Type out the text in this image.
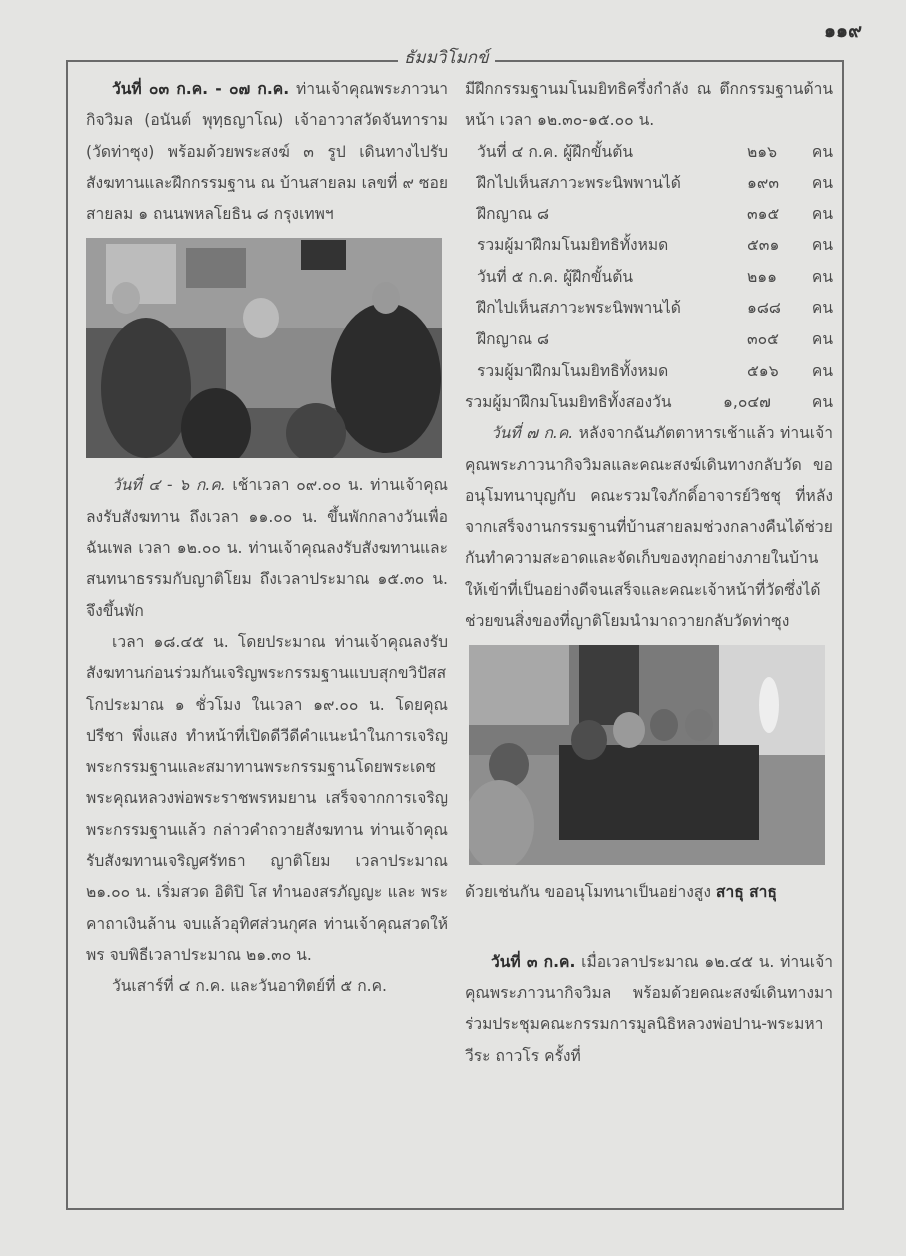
๑๑๙
ธัมมวิโมกข์

วันที่ ๐๓ ก.ค. - ๐๗ ก.ค. ท่านเจ้าคุณพระภาวนากิจวิมล (อนันต์ พุทฺธญาโณ) เจ้าอาวาสวัดจันทาราม (วัดท่าซุง) พร้อมด้วยพระสงฆ์ ๓ รูป เดินทางไปรับสังฆทานและฝึกกรรมฐาน ณ บ้านสายลม เลขที่ ๙ ซอยสายลม ๑ ถนนพหลโยธิน ๘ กรุงเทพฯ

วันที่ ๔ - ๖ ก.ค. เช้าเวลา ๐๙.๐๐ น. ท่านเจ้าคุณลงรับสังฆทาน ถึงเวลา ๑๑.๐๐ น. ขึ้นพักกลางวันเพื่อฉันเพล เวลา ๑๒.๐๐ น. ท่านเจ้าคุณลงรับสังฆทานและสนทนาธรรมกับญาติโยม ถึงเวลาประมาณ ๑๕.๓๐ น. จึงขึ้นพัก

เวลา ๑๘.๔๕ น. โดยประมาณ ท่านเจ้าคุณลงรับสังฆทานก่อนร่วมกันเจริญพระกรรมฐานแบบสุกขวิปัสสโกประมาณ ๑ ชั่วโมง ในเวลา ๑๙.๐๐ น. โดยคุณปรีชา พึ่งแสง ทำหน้าที่เปิดดีวีดีคำแนะนำในการเจริญพระกรรมฐานและสมาทานพระกรรมฐานโดยพระเดชพระคุณหลวงพ่อพระราชพรหมยาน เสร็จจากการเจริญพระกรรมฐานแล้ว กล่าวคำถวายสังฆทาน ท่านเจ้าคุณรับสังฆทานเจริญศรัทธา ญาติโยม เวลาประมาณ ๒๑.๐๐ น. เริ่มสวด อิติปิ โส ทำนองสรภัญญะ และ พระคาถาเงินล้าน จบแล้วอุทิศส่วนกุศล ท่านเจ้าคุณสวดให้พร จบพิธีเวลาประมาณ ๒๑.๓๐ น.

วันเสาร์ที่ ๔ ก.ค. และวันอาทิตย์ที่ ๕ ก.ค.

มีฝึกกรรมฐานมโนมยิทธิครึ่งกำลัง ณ ตึกกรรมฐานด้านหน้า เวลา ๑๒.๓๐-๑๕.๐๐ น.

วันที่ ๔ ก.ค. ผู้ฝึกขั้นต้น	๒๑๖ คน
ฝึกไปเห็นสภาวะพระนิพพานได้	๑๙๓ คน
ฝึกญาณ ๘	๓๑๕ คน
รวมผู้มาฝึกมโนมยิทธิทั้งหมด	๕๓๑ คน
วันที่ ๕ ก.ค. ผู้ฝึกขั้นต้น	๒๑๑ คน
ฝึกไปเห็นสภาวะพระนิพพานได้	๑๘๘ คน
ฝึกญาณ ๘	๓๐๕ คน
รวมผู้มาฝึกมโนมยิทธิทั้งหมด	๕๑๖ คน
รวมผู้มาฝึกมโนมยิทธิทั้งสองวัน	๑,๐๔๗	คน

วันที่ ๗ ก.ค. หลังจากฉันภัตตาหารเช้าแล้ว ท่านเจ้าคุณพระภาวนากิจวิมลและคณะสงฆ์เดินทางกลับวัด ขออนุโมทนาบุญกับ คณะรวมใจภักดิ์อาจารย์วิชชุ ที่หลังจากเสร็จงานกรรมฐานที่บ้านสายลมช่วงกลางคืนได้ช่วยกันทำความสะอาดและจัดเก็บของทุกอย่างภายในบ้านให้เข้าที่เป็นอย่างดีจนเสร็จและคณะเจ้าหน้าที่วัดซึ่งได้ช่วยขนสิ่งของที่ญาติโยมนำมาถวายกลับวัดท่าซุง

ด้วยเช่นกัน ขออนุโมทนาเป็นอย่างสูง สาธุ สาธุ

วันที่ ๓ ก.ค. เมื่อเวลาประมาณ ๑๒.๔๕ น. ท่านเจ้าคุณพระภาวนากิจวิมล พร้อมด้วยคณะสงฆ์เดินทางมาร่วมประชุมคณะกรรมการมูลนิธิหลวงพ่อปาน-พระมหาวีระ ถาวโร ครั้งที่
